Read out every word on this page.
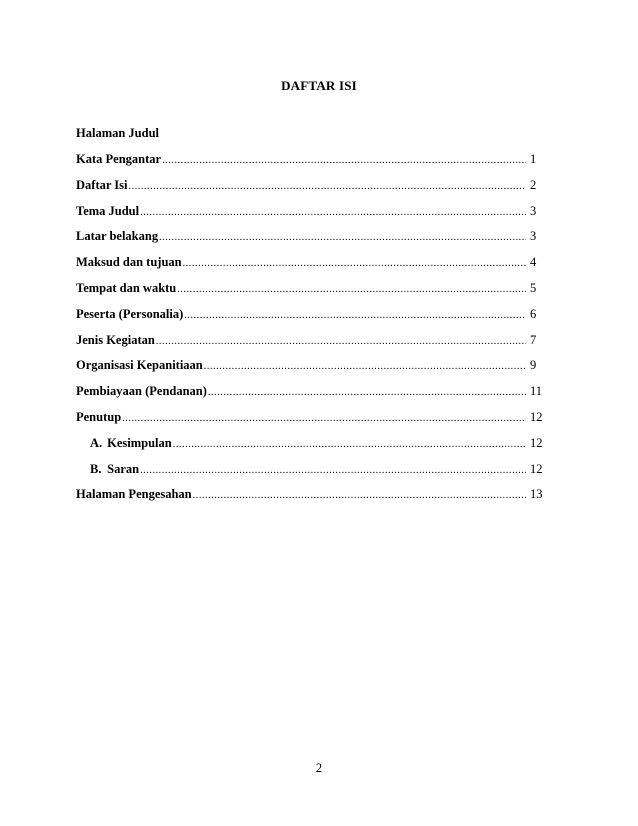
DAFTAR ISI
Halaman Judul
Kata Pengantar .....	1
Daftar Isi .....	2
Tema Judul .....	3
Latar belakang .....	3
Maksud dan tujuan .....	4
Tempat dan waktu .....	5
Peserta (Personalia) .....	6
Jenis Kegiatan .....	7
Organisasi Kepanitiaan .....	9
Pembiayaan (Pendanan) .....	11
Penutup .....	12
A. Kesimpulan .....	12
B. Saran .....	12
Halaman Pengesahan .....	13
2
